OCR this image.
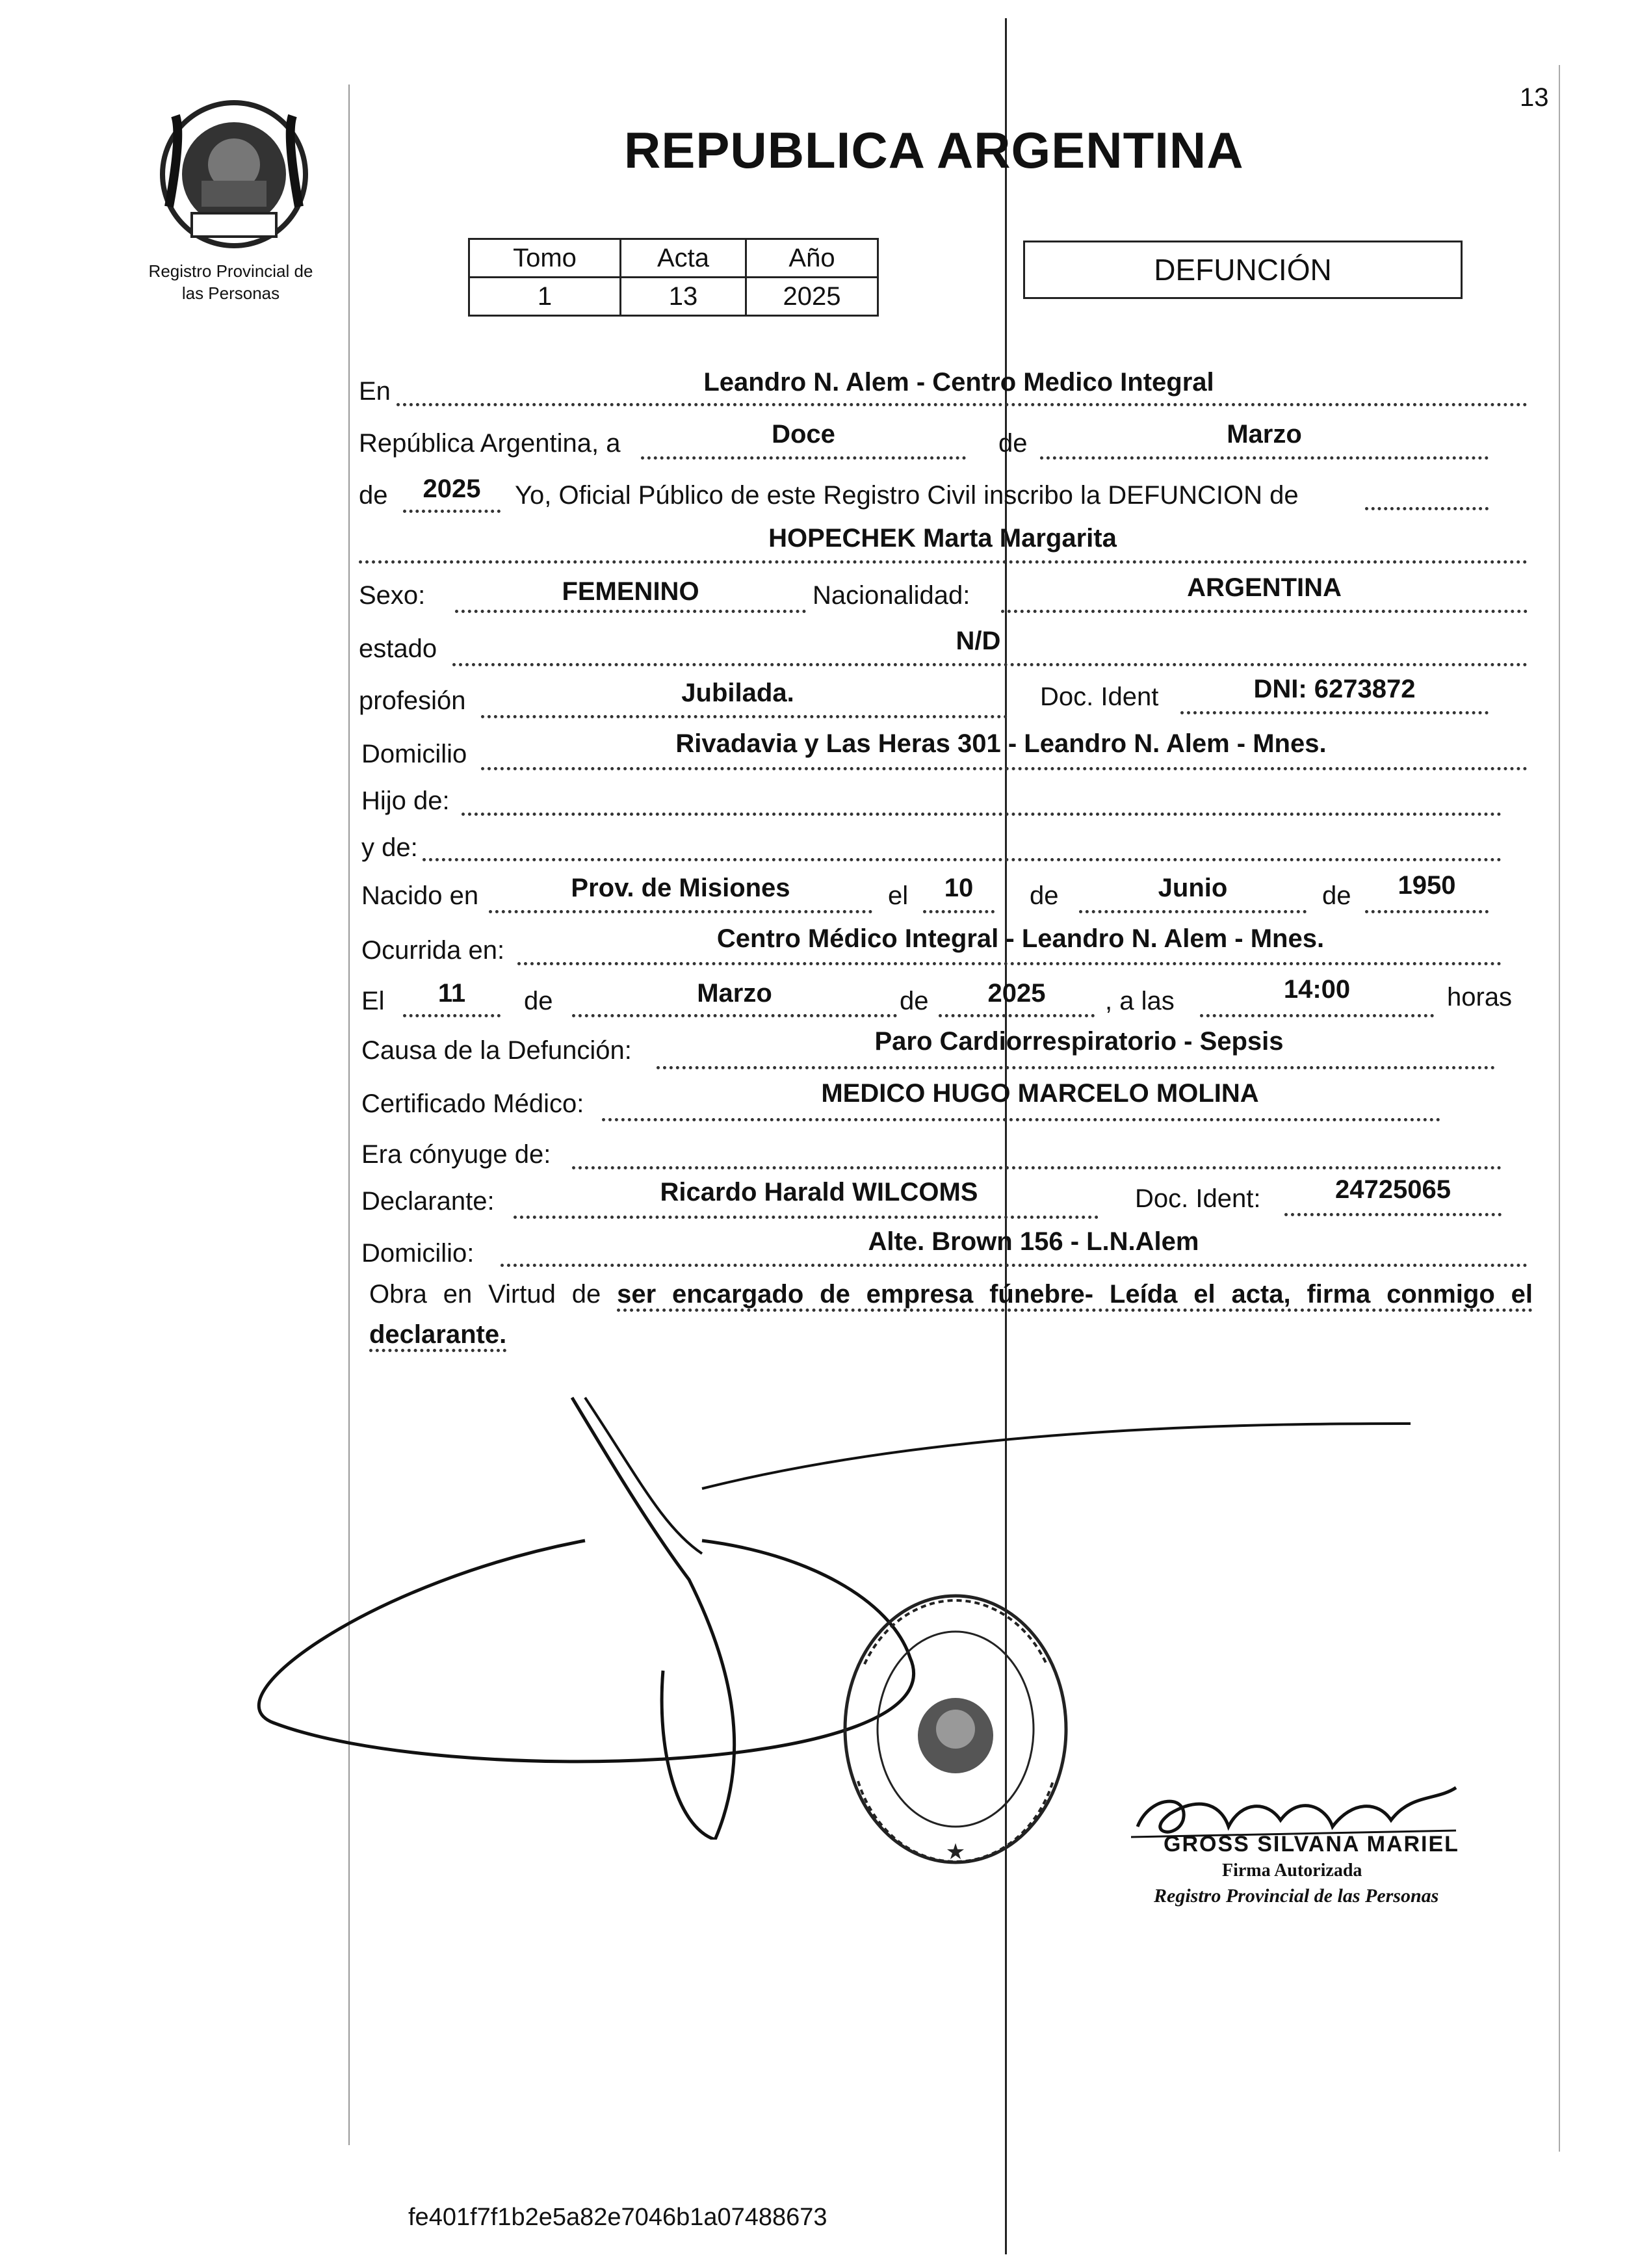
13
Registro Provincial de
las Personas
REPUBLICA ARGENTINA
Tomo	Acta	Año
1	13	2025
DEFUNCIÓN
En	Leandro N. Alem - Centro Medico Integral
República Argentina, a	Doce	de	Marzo
de	2025	Yo, Oficial Público de este Registro Civil inscribo la DEFUNCION de
HOPECHEK Marta Margarita
Sexo:	FEMENINO	Nacionalidad:	ARGENTINA
estado	N/D
profesión	Jubilada.	Doc. Ident	DNI: 6273872
Domicilio	Rivadavia y Las Heras 301 - Leandro N. Alem - Mnes.
Hijo de:
y de:
Nacido en	Prov. de Misiones	el	10	de	Junio	de	1950
Ocurrida en:	Centro Médico Integral - Leandro N. Alem - Mnes.
El	11	de	Marzo	de	2025	, a las	14:00	horas
Causa de la Defunción:	Paro Cardiorrespiratorio - Sepsis
Certificado Médico:	MEDICO HUGO MARCELO MOLINA
Era cónyuge de:
Declarante:	Ricardo Harald WILCOMS	Doc. Ident:	24725065
Domicilio:	Alte. Brown 156 - L.N.Alem
Obra en Virtud de ser encargado de empresa fúnebre- Leída el acta, firma conmigo el declarante.
★	GROSS SILVANA MARIEL
Firma Autorizada
Registro Provincial de las Personas
fe401f7f1b2e5a82e7046b1a07488673
